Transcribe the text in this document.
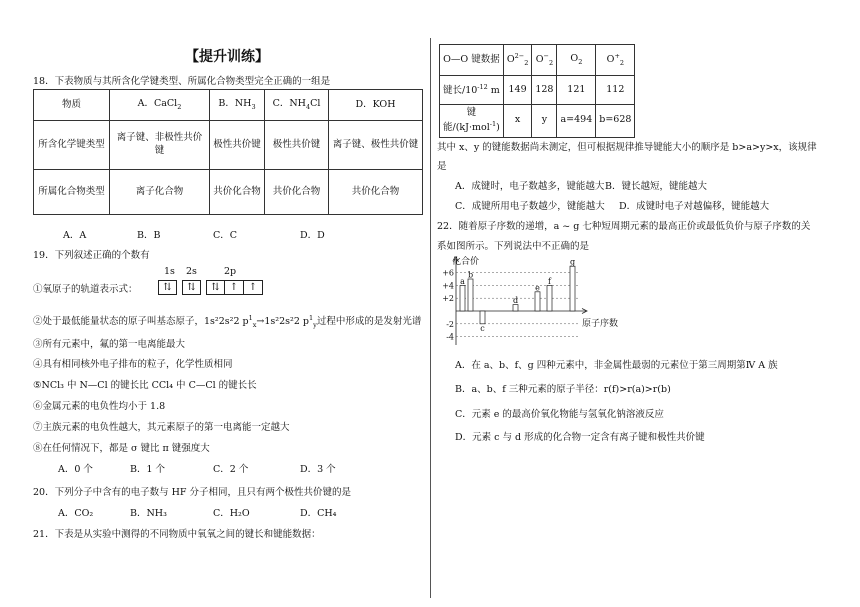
【提升训练】
18．下表物质与其所含化学键类型、所属化合物类型完全正确的一组是
物质	A．CaCl$_2$	B．$NH_3$	C．$NH_4Cl$	D．KOH
所含化学键类型	离子键、非极性共价键	极性共价键	极性共价键	离子键、极性共价键
所属化合物类型	离子化合物	共价化合物	共价化合物	共价化合物
A．A	B．B	C．C	D．D
19．下列叙述正确的个数有
①氧原子的轨道表示式：
1s 2s	2p
⇅	⇅	⇅	↑	↑
②处于最低能量状态的原子叫基态原子，1s²2s²2 $p^1_x\to 1s^22s^22$ $p^1_y$过程中形成的是发射光谱
③所有元素中，氟的第一电离能最大
④具有相同核外电子排布的粒子，化学性质相同
⑤NCl₃ 中 N—Cl 的键长比 CCl₄ 中 C—Cl 的键长长
⑥金属元素的电负性均小于 1.8
⑦主族元素的电负性越大，其元素原子的第一电离能一定越大
⑧在任何情况下，都是 σ 键比 π 键强度大
A．0 个	B．1 个	C．2 个	D．3 个
20．下列分子中含有的电子数与 HF 分子相同，且只有两个极性共价键的是
A．CO₂	B．NH₃	C．H₂O	D．CH₄
21．下表是从实验中测得的不同物质中氧氧之间的键长和键能数据：
O—O 键数据	$O^{2-}_2$	$O^-_2$	$O_2$	$O^+_2$
键长$/10^{-12}$ m	149	128	121	112
键能/(kJ·mol$^{-1}$)	x	y	a=494	b=628
其中 x、y 的键能数据尚未测定，但可根据规律推导键能大小的顺序是 b>a>y>x，该规律
是
A．成键时，电子数越多，键能越大 B．键长越短，键能越大
C．成键所用电子数越少，键能越大 D．成键时电子对越偏移，键能越大
22．随着原子序数的递增，a ~ g 七种短周期元素的最高正价或最低负价与原子序数的关
系如图所示。下列说法中不正确的是
化合价
原子序数
+6
+4
+2
-2
-4
a
b
c
d
e
f
g
A．在 a、b、f、g 四种元素中，非金属性最弱的元素位于第三周期第Ⅳ A 族
B．a、b、f 三种元素的原子半径：r(f)>r(a)>r(b)
C．元素 e 的最高价氧化物能与氢氧化钠溶液反应
D．元素 c 与 d 形成的化合物一定含有离子键和极性共价键
